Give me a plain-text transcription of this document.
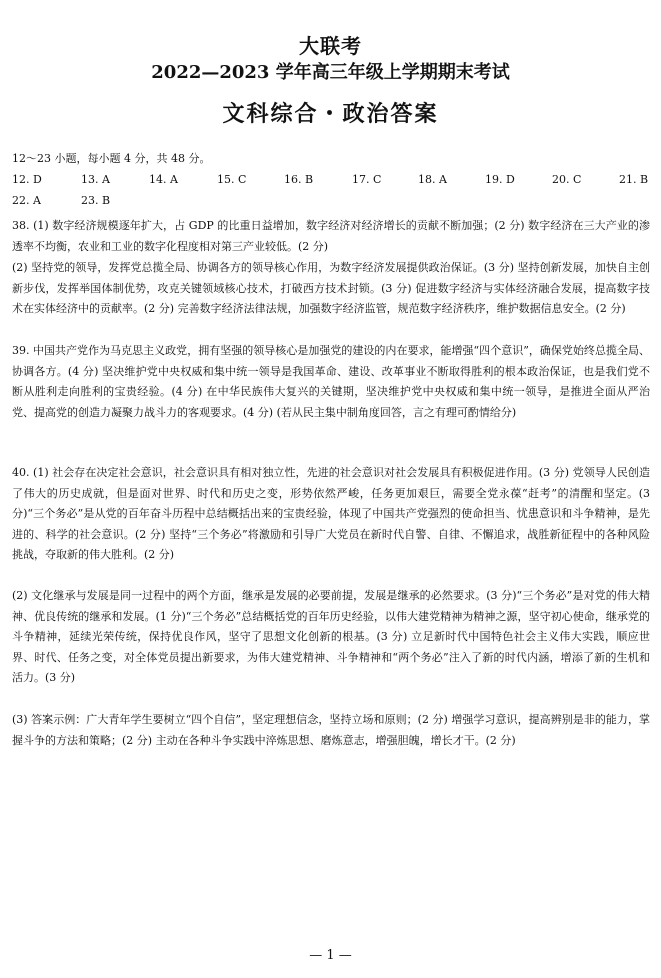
大联考
2022—2023 学年高三年级上学期期末考试
文科综合・政治答案
12～23 小题，每小题 4 分，共 48 分。
12. D	13. A	14. A	15. C	16. B	17. C	18. A	19. D	20. C	21. B
22. A	23. B
38. (1) 数字经济规模逐年扩大，占 GDP 的比重日益增加，数字经济对经济增长的贡献不断加强；(2 分) 数字经济在三大产业的渗透率不均衡，农业和工业的数字化程度相对第三产业较低。(2 分)
(2) 坚持党的领导，发挥党总揽全局、协调各方的领导核心作用，为数字经济发展提供政治保证。(3 分) 坚持创新发展，加快自主创新步伐，发挥举国体制优势，攻克关键领域核心技术，打破西方技术封锁。(3 分) 促进数字经济与实体经济融合发展，提高数字技术在实体经济中的贡献率。(2 分) 完善数字经济法律法规，加强数字经济监管，规范数字经济秩序，维护数据信息安全。(2 分)
39. 中国共产党作为马克思主义政党，拥有坚强的领导核心是加强党的建设的内在要求，能增强“四个意识”，确保党始终总揽全局、协调各方。(4 分) 坚决维护党中央权威和集中统一领导是我国革命、建设、改革事业不断取得胜利的根本政治保证，也是我们党不断从胜利走向胜利的宝贵经验。(4 分) 在中华民族伟大复兴的关键期，坚决维护党中央权威和集中统一领导，是推进全面从严治党、提高党的创造力凝聚力战斗力的客观要求。(4 分) (若从民主集中制角度回答，言之有理可酌情给分)
40. (1) 社会存在决定社会意识，社会意识具有相对独立性，先进的社会意识对社会发展具有积极促进作用。(3 分) 党领导人民创造了伟大的历史成就，但是面对世界、时代和历史之变，形势依然严峻，任务更加艰巨，需要全党永葆“赶考”的清醒和坚定。(3 分)“三个务必”是从党的百年奋斗历程中总结概括出来的宝贵经验，体现了中国共产党强烈的使命担当、忧患意识和斗争精神，是先进的、科学的社会意识。(2 分) 坚持“三个务必”将激励和引导广大党员在新时代自警、自律、不懈追求，战胜新征程中的各种风险挑战，夺取新的伟大胜利。(2 分)
(2) 文化继承与发展是同一过程中的两个方面，继承是发展的必要前提，发展是继承的必然要求。(3 分)“三个务必”是对党的伟大精神、优良传统的继承和发展。(1 分)“三个务必”总结概括党的百年历史经验，以伟大建党精神为精神之源，坚守初心使命，继承党的斗争精神，延续光荣传统，保持优良作风，坚守了思想文化创新的根基。(3 分) 立足新时代中国特色社会主义伟大实践，顺应世界、时代、任务之变，对全体党员提出新要求，为伟大建党精神、斗争精神和“两个务必”注入了新的时代内涵，增添了新的生机和活力。(3 分)
(3) 答案示例：广大青年学生要树立“四个自信”，坚定理想信念，坚持立场和原则；(2 分) 增强学习意识，提高辨别是非的能力，掌握斗争的方法和策略；(2 分) 主动在各种斗争实践中淬炼思想、磨炼意志，增强胆魄，增长才干。(2 分)
— 1 —
